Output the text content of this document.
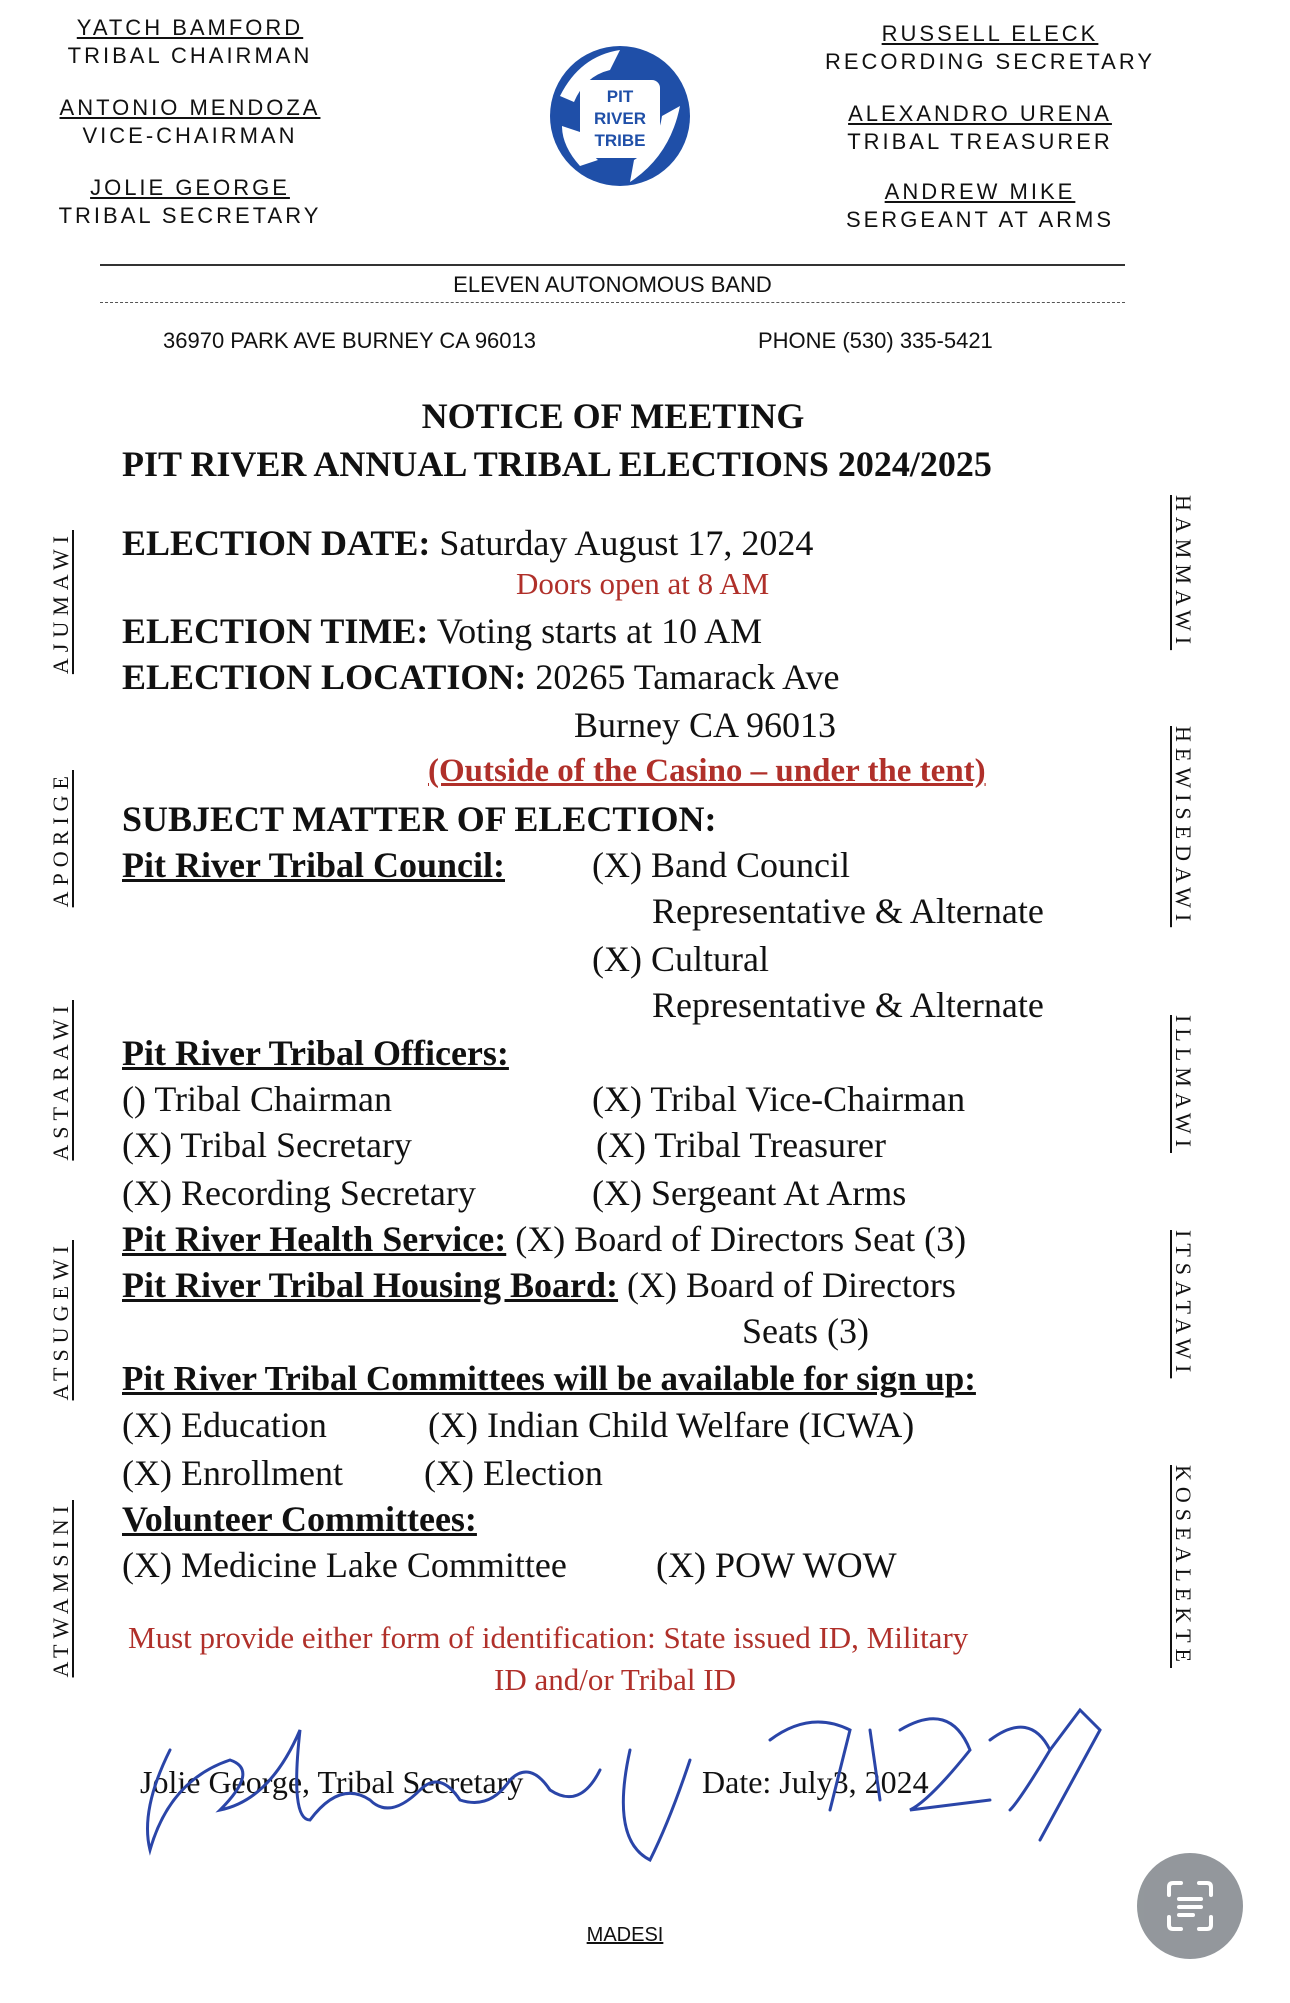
YATCH BAMFORD
TRIBAL CHAIRMAN
ANTONIO MENDOZA
VICE-CHAIRMAN
JOLIE GEORGE
TRIBAL SECRETARY
PIT
RIVER
TRIBE
RUSSELL ELECK
RECORDING SECRETARY
ALEXANDRO URENA
TRIBAL TREASURER
ANDREW MIKE
SERGEANT AT ARMS
ELEVEN AUTONOMOUS BAND
36970 PARK AVE BURNEY CA 96013	PHONE (530) 335-5421
NOTICE OF MEETING
PIT RIVER ANNUAL TRIBAL ELECTIONS 2024/2025
ELECTION DATE: Saturday August 17, 2024
Doors open at 8 AM
ELECTION TIME: Voting starts at 10 AM
ELECTION LOCATION: 20265 Tamarack Ave
Burney CA 96013
(Outside of the Casino – under the tent)
SUBJECT MATTER OF ELECTION:
Pit River Tribal Council: (X) Band Council
Representative & Alternate
(X) Cultural
Representative & Alternate
Pit River Tribal Officers:
() Tribal Chairman	(X) Tribal Vice-Chairman
(X) Tribal Secretary	(X) Tribal Treasurer
(X) Recording Secretary	(X) Sergeant At Arms
Pit River Health Service: (X) Board of Directors Seat (3)
Pit River Tribal Housing Board: (X) Board of Directors
Seats (3)
Pit River Tribal Committees will be available for sign up:
(X) Education	(X) Indian Child Welfare (ICWA)
(X) Enrollment (X) Election
Volunteer Committees:
(X) Medicine Lake Committee (X) POW WOW
Must provide either form of identification: State issued ID, Military
ID and/or Tribal ID
Jolie George, Tribal Secretary	Date: July3, 2024
AJUMAWI
APORIGE
ASTARAWI
ATSUGEWI
ATWAMSINI
HAMMAWI
HEWISEDAWI
ILLMAWI
ITSATAWI
KOSEALEKTE
MADESI
